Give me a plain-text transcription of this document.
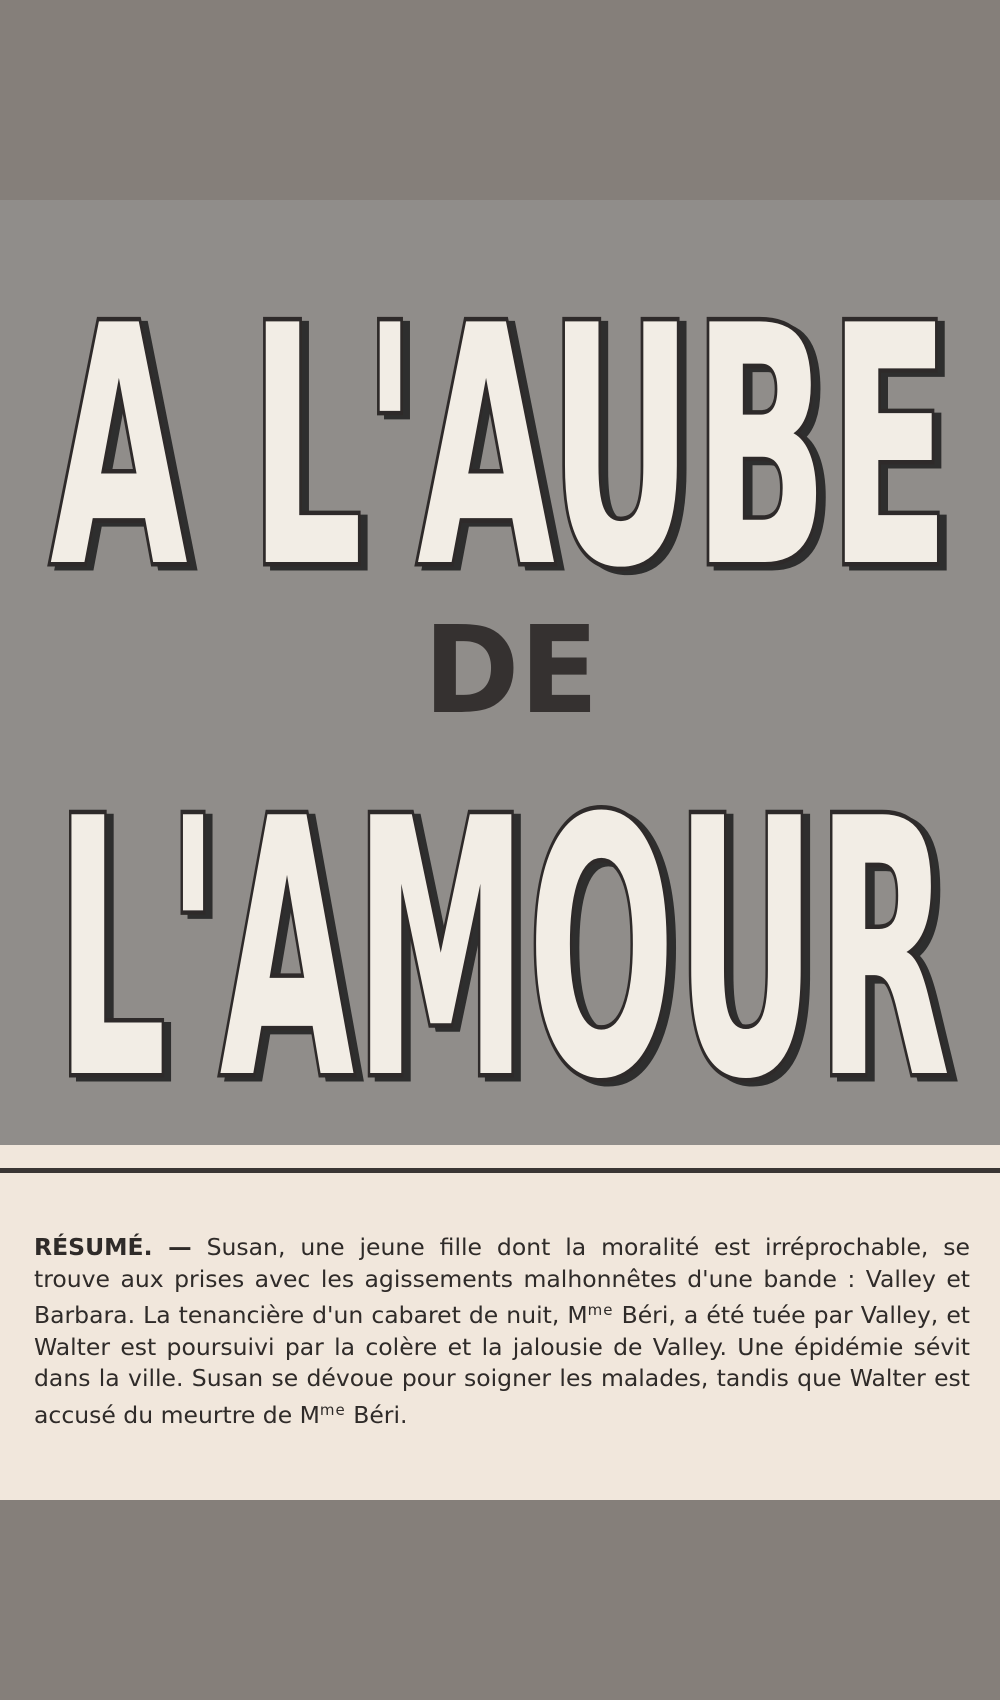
A L'AUBE
DE
L'AMOUR

RÉSUMÉ. — Susan, une jeune fille dont la moralité est irréprochable, se trouve aux prises avec les agissements malhonnêtes d'une bande : Valley et Barbara. La tenancière d'un cabaret de nuit, $M^{me}$ Béri, a été tuée par Valley, et Walter est poursuivi par la colère et la jalousie de Valley. Une épidémie sévit dans la ville. Susan se dévoue pour soigner les malades, tandis que Walter est accusé du meurtre de $M^{me}$ Béri.
